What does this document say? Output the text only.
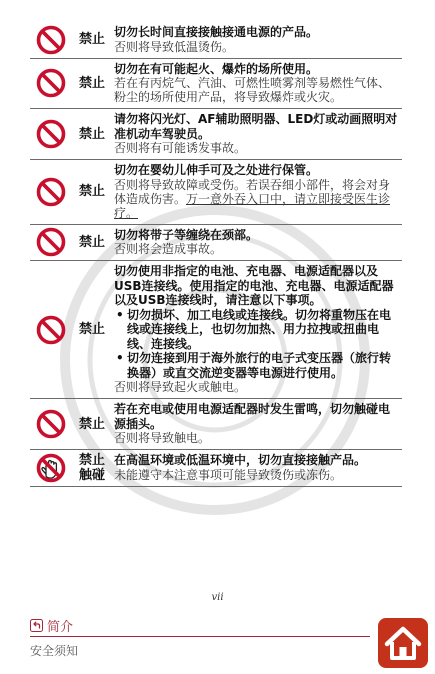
禁止
切勿长时间直接接触接通电源的产品。
否则将导致低温烫伤。
禁止
切勿在有可能起火、爆炸的场所使用。
若在有丙烷气、汽油、可燃性喷雾剂等易燃性气体、粉尘的场所使用产品，将导致爆炸或火灾。
禁止
请勿将闪光灯、AF辅助照明器、LED灯或动画照明对准机动车驾驶员。
否则将有可能诱发事故。
禁止
切勿在婴幼儿伸手可及之处进行保管。
否则将导致故障或受伤。若误吞细小部件，将会对身体造成伤害。万一意外吞入口中，请立即接受医生诊疗。
禁止
切勿将带子等缠绕在颈部。
否则将会造成事故。
禁止
切勿使用非指定的电池、充电器、电源适配器以及USB连接线。使用指定的电池、充电器、电源适配器以及USB连接线时，请注意以下事项。
• 切勿损坏、加工电线或连接线。切勿将重物压在电线或连接线上，也切勿加热、用力拉拽或扭曲电线、连接线。
• 切勿连接到用于海外旅行的电子式变压器（旅行转换器）或直交流逆变器等电源进行使用。
否则将导致起火或触电。
禁止
若在充电或使用电源适配器时发生雷鸣，切勿触碰电源插头。
否则将导致触电。
禁止
触碰
在高温环境或低温环境中，切勿直接接触产品。
未能遵守本注意事项可能导致烫伤或冻伤。
vii
简介
安全须知
